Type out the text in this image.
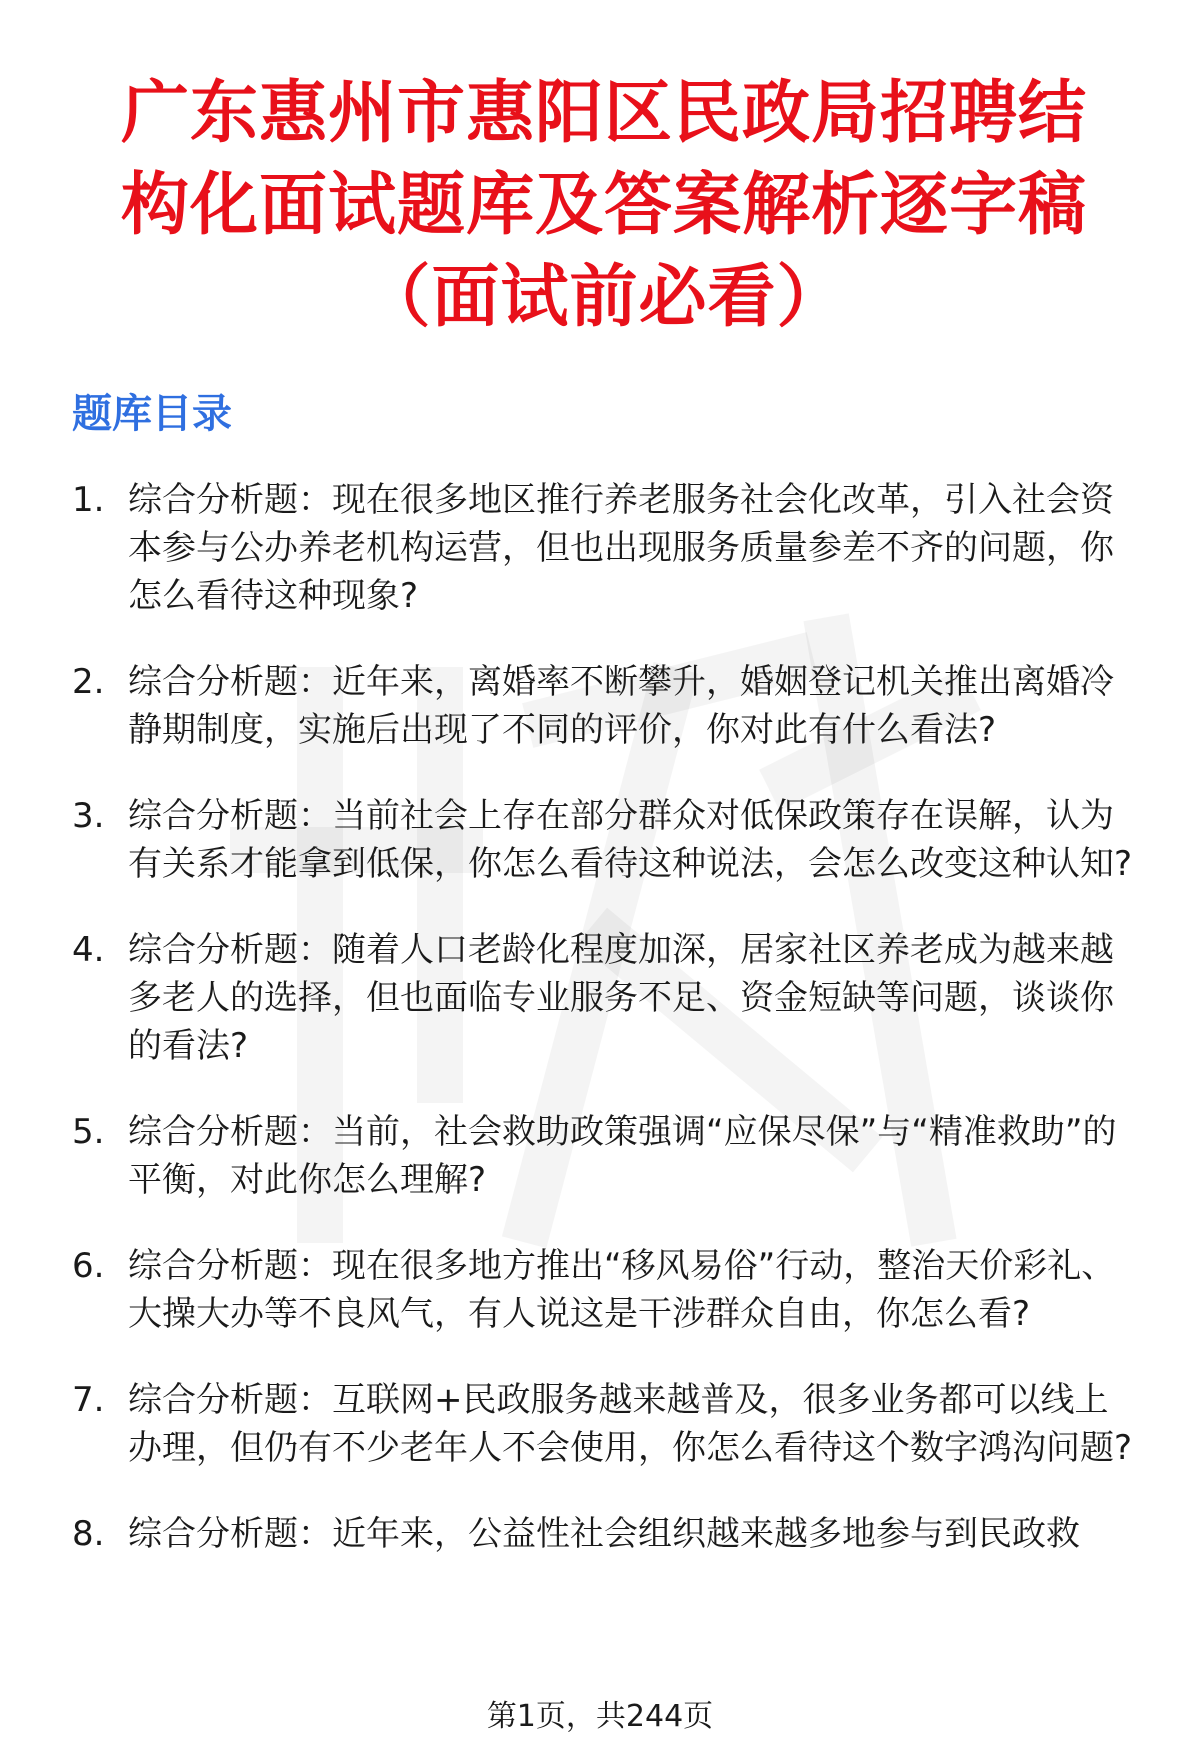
广东惠州市惠阳区民政局招聘结构化面试题库及答案解析逐字稿（面试前必看）
题库目录
1. 综合分析题：现在很多地区推行养老服务社会化改革，引入社会资本参与公办养老机构运营，但也出现服务质量参差不齐的问题，你怎么看待这种现象?
2. 综合分析题：近年来，离婚率不断攀升，婚姻登记机关推出离婚冷静期制度，实施后出现了不同的评价，你对此有什么看法?
3. 综合分析题：当前社会上存在部分群众对低保政策存在误解，认为有关系才能拿到低保，你怎么看待这种说法，会怎么改变这种认知?
4. 综合分析题：随着人口老龄化程度加深，居家社区养老成为越来越多老人的选择，但也面临专业服务不足、资金短缺等问题，谈谈你的看法?
5. 综合分析题：当前，社会救助政策强调“应保尽保”与“精准救助”的平衡，对此你怎么理解?
6. 综合分析题：现在很多地方推出“移风易俗”行动，整治天价彩礼、大操大办等不良风气，有人说这是干涉群众自由，你怎么看?
7. 综合分析题：互联网+民政服务越来越普及，很多业务都可以线上办理，但仍有不少老年人不会使用，你怎么看待这个数字鸿沟问题?
8. 综合分析题：近年来，公益性社会组织越来越多地参与到民政救
第1页，共244页
